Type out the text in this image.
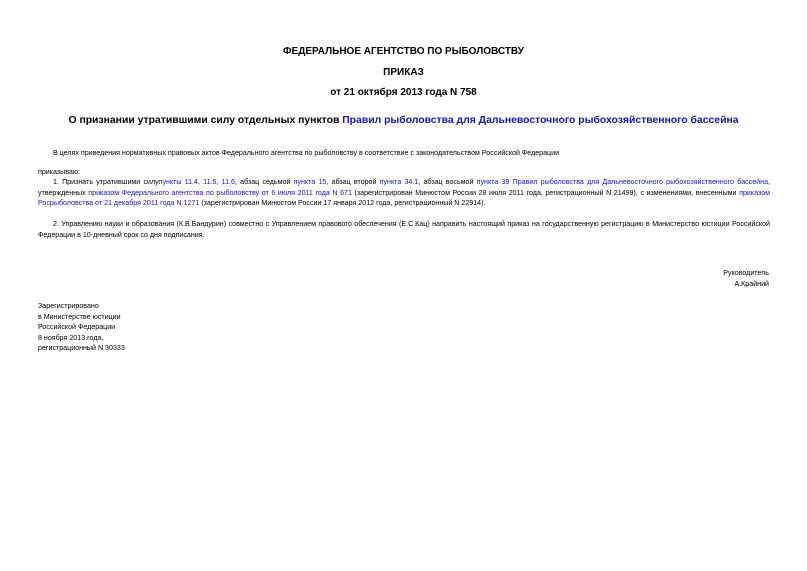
ФЕДЕРАЛЬНОЕ АГЕНТСТВО ПО РЫБОЛОВСТВУ
ПРИКАЗ
от 21 октября 2013 года N 758
О признании утратившими силу отдельных пунктов Правил рыболовства для Дальневосточного рыбохозяйственного бассейна
В целях приведения нормативных правовых актов Федерального агентства по рыболовству в соответствие с законодательством Российской Федерации
приказываю:
1. Признать утратившими силупункты 11.4, 11.5, 11.6, абзац седьмой пункта 15, абзац второй пункта 34.1, абзац восьмой пункта 39 Правил рыболовства для Дальневосточного рыбохозяйственного бассейна, утвержденных приказом Федерального агентства по рыболовству от 6 июля 2011 года N 671 (зарегистрирован Минюстом России 28 июля 2011 года, регистрационный N 21499), с изменениями, внесенными приказом Росрыболовства от 21 декабря 2011 года N 1271 (зарегистрирован Минюстом России 17 января 2012 года, регистрационный N 22914).
2. Управлению науки и образования (К.В.Бандурин) совместно с Управлением правового обеспечения (Е.С.Кац) направить настоящий приказ на государственную регистрацию в Министерство юстиции Российской Федерации в 10-дневный срок со дня подписания.
Руководитель
А.Крайний
Зарегистрировано
в Министерстве юстиции
Российской Федерации
8 ноября 2013 года,
регистрационный N 30333
